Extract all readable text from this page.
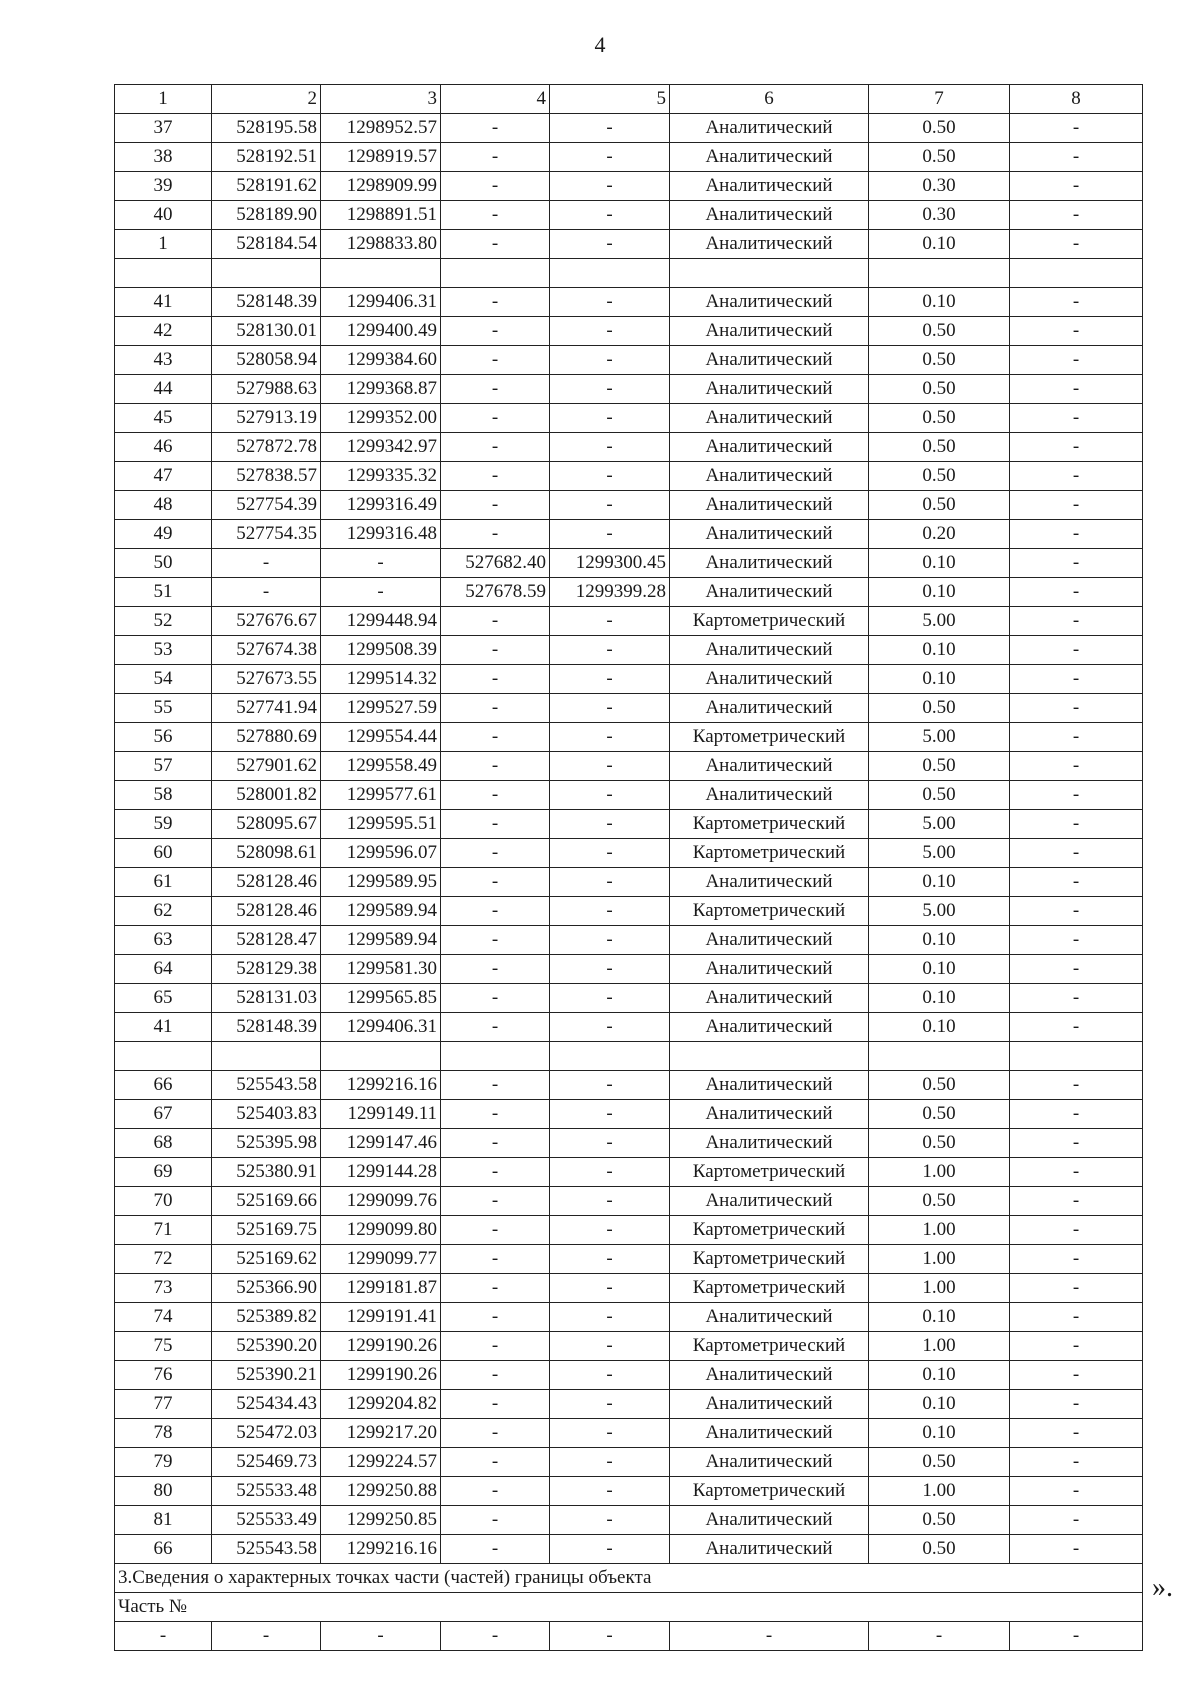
4
1	2	3	4	5	6	7	8
37	528195.58	1298952.57	-	-	Аналитический	0.50	-
38	528192.51	1298919.57	-	-	Аналитический	0.50	-
39	528191.62	1298909.99	-	-	Аналитический	0.30	-
40	528189.90	1298891.51	-	-	Аналитический	0.30	-
1	528184.54	1298833.80	-	-	Аналитический	0.10	-

41	528148.39	1299406.31	-	-	Аналитический	0.10	-
42	528130.01	1299400.49	-	-	Аналитический	0.50	-
43	528058.94	1299384.60	-	-	Аналитический	0.50	-
44	527988.63	1299368.87	-	-	Аналитический	0.50	-
45	527913.19	1299352.00	-	-	Аналитический	0.50	-
46	527872.78	1299342.97	-	-	Аналитический	0.50	-
47	527838.57	1299335.32	-	-	Аналитический	0.50	-
48	527754.39	1299316.49	-	-	Аналитический	0.50	-
49	527754.35	1299316.48	-	-	Аналитический	0.20	-
50	-	-	527682.40	1299300.45	Аналитический	0.10	-
51	-	-	527678.59	1299399.28	Аналитический	0.10	-
52	527676.67	1299448.94	-	-	Картометрический	5.00	-
53	527674.38	1299508.39	-	-	Аналитический	0.10	-
54	527673.55	1299514.32	-	-	Аналитический	0.10	-
55	527741.94	1299527.59	-	-	Аналитический	0.50	-
56	527880.69	1299554.44	-	-	Картометрический	5.00	-
57	527901.62	1299558.49	-	-	Аналитический	0.50	-
58	528001.82	1299577.61	-	-	Аналитический	0.50	-
59	528095.67	1299595.51	-	-	Картометрический	5.00	-
60	528098.61	1299596.07	-	-	Картометрический	5.00	-
61	528128.46	1299589.95	-	-	Аналитический	0.10	-
62	528128.46	1299589.94	-	-	Картометрический	5.00	-
63	528128.47	1299589.94	-	-	Аналитический	0.10	-
64	528129.38	1299581.30	-	-	Аналитический	0.10	-
65	528131.03	1299565.85	-	-	Аналитический	0.10	-
41	528148.39	1299406.31	-	-	Аналитический	0.10	-

66	525543.58	1299216.16	-	-	Аналитический	0.50	-
67	525403.83	1299149.11	-	-	Аналитический	0.50	-
68	525395.98	1299147.46	-	-	Аналитический	0.50	-
69	525380.91	1299144.28	-	-	Картометрический	1.00	-
70	525169.66	1299099.76	-	-	Аналитический	0.50	-
71	525169.75	1299099.80	-	-	Картометрический	1.00	-
72	525169.62	1299099.77	-	-	Картометрический	1.00	-
73	525366.90	1299181.87	-	-	Картометрический	1.00	-
74	525389.82	1299191.41	-	-	Аналитический	0.10	-
75	525390.20	1299190.26	-	-	Картометрический	1.00	-
76	525390.21	1299190.26	-	-	Аналитический	0.10	-
77	525434.43	1299204.82	-	-	Аналитический	0.10	-
78	525472.03	1299217.20	-	-	Аналитический	0.10	-
79	525469.73	1299224.57	-	-	Аналитический	0.50	-
80	525533.48	1299250.88	-	-	Картометрический	1.00	-
81	525533.49	1299250.85	-	-	Аналитический	0.50	-
66	525543.58	1299216.16	-	-	Аналитический	0.50	-
3.Сведения о характерных точках части (частей) границы объекта							
Часть №							
-	-	-	-	-	-	-	-
».
